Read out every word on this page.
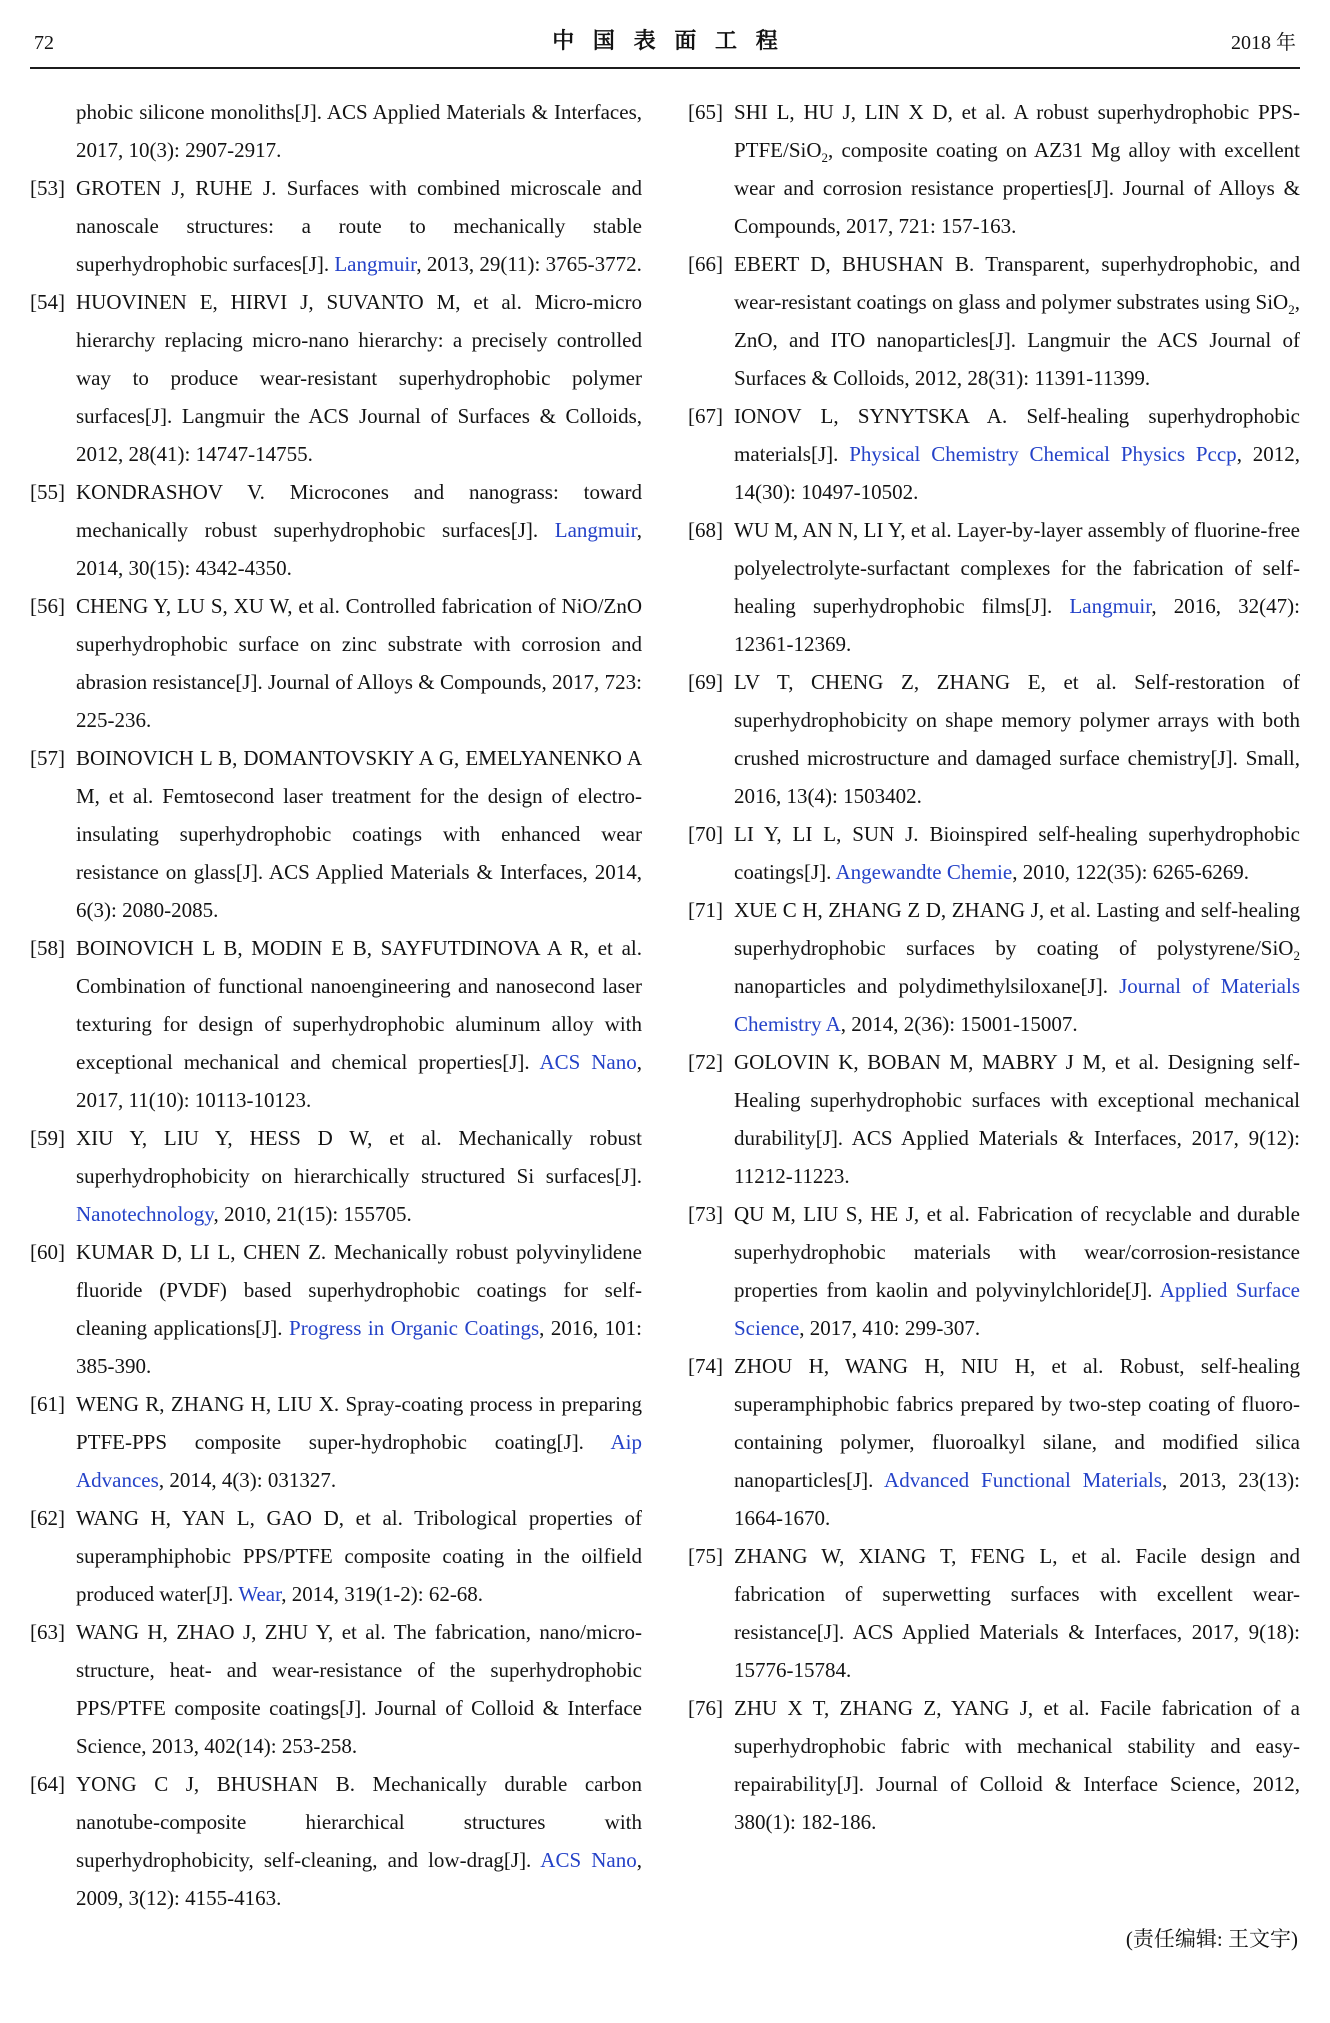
72	中国表面工程	2018 年
phobic silicone monoliths[J]. ACS Applied Materials & Interfaces, 2017, 10(3): 2907-2917.
[53] GROTEN J, RUHE J. Surfaces with combined microscale and nanoscale structures: a route to mechanically stable superhydrophobic surfaces[J]. Langmuir, 2013, 29(11): 3765-3772.
[54] HUOVINEN E, HIRVI J, SUVANTO M, et al. Micro-micro hierarchy replacing micro-nano hierarchy: a precisely controlled way to produce wear-resistant superhydrophobic polymer surfaces[J]. Langmuir the ACS Journal of Surfaces & Colloids, 2012, 28(41): 14747-14755.
[55] KONDRASHOV V. Microcones and nanograss: toward mechanically robust superhydrophobic surfaces[J]. Langmuir, 2014, 30(15): 4342-4350.
[56] CHENG Y, LU S, XU W, et al. Controlled fabrication of NiO/ZnO superhydrophobic surface on zinc substrate with corrosion and abrasion resistance[J]. Journal of Alloys & Compounds, 2017, 723: 225-236.
[57] BOINOVICH L B, DOMANTOVSKIY A G, EMELYANENKO A M, et al. Femtosecond laser treatment for the design of electro-insulating superhydrophobic coatings with enhanced wear resistance on glass[J]. ACS Applied Materials & Interfaces, 2014, 6(3): 2080-2085.
[58] BOINOVICH L B, MODIN E B, SAYFUTDINOVA A R, et al. Combination of functional nanoengineering and nanosecond laser texturing for design of superhydrophobic aluminum alloy with exceptional mechanical and chemical properties[J]. ACS Nano, 2017, 11(10): 10113-10123.
[59] XIU Y, LIU Y, HESS D W, et al. Mechanically robust superhydrophobicity on hierarchically structured Si surfaces[J]. Nanotechnology, 2010, 21(15): 155705.
[60] KUMAR D, LI L, CHEN Z. Mechanically robust polyvinylidene fluoride (PVDF) based superhydrophobic coatings for self-cleaning applications[J]. Progress in Organic Coatings, 2016, 101: 385-390.
[61] WENG R, ZHANG H, LIU X. Spray-coating process in preparing PTFE-PPS composite super-hydrophobic coating[J]. Aip Advances, 2014, 4(3): 031327.
[62] WANG H, YAN L, GAO D, et al. Tribological properties of superamphiphobic PPS/PTFE composite coating in the oilfield produced water[J]. Wear, 2014, 319(1-2): 62-68.
[63] WANG H, ZHAO J, ZHU Y, et al. The fabrication, nano/micro-structure, heat- and wear-resistance of the superhydrophobic PPS/PTFE composite coatings[J]. Journal of Colloid & Interface Science, 2013, 402(14): 253-258.
[64] YONG C J, BHUSHAN B. Mechanically durable carbon nanotube-composite hierarchical structures with superhydrophobicity, self-cleaning, and low-drag[J]. ACS Nano, 2009, 3(12): 4155-4163.
[65] SHI L, HU J, LIN X D, et al. A robust superhydrophobic PPS-PTFE/SiO$_2$, composite coating on AZ31 Mg alloy with excellent wear and corrosion resistance properties[J]. Journal of Alloys & Compounds, 2017, 721: 157-163.
[66] EBERT D, BHUSHAN B. Transparent, superhydrophobic, and wear-resistant coatings on glass and polymer substrates using SiO$_2$, ZnO, and ITO nanoparticles[J]. Langmuir the ACS Journal of Surfaces & Colloids, 2012, 28(31): 11391-11399.
[67] IONOV L, SYNYTSKA A. Self-healing superhydrophobic materials[J]. Physical Chemistry Chemical Physics Pccp, 2012, 14(30): 10497-10502.
[68] WU M, AN N, LI Y, et al. Layer-by-layer assembly of fluorine-free polyelectrolyte-surfactant complexes for the fabrication of self-healing superhydrophobic films[J]. Langmuir, 2016, 32(47): 12361-12369.
[69] LV T, CHENG Z, ZHANG E, et al. Self-restoration of superhydrophobicity on shape memory polymer arrays with both crushed microstructure and damaged surface chemistry[J]. Small, 2016, 13(4): 1503402.
[70] LI Y, LI L, SUN J. Bioinspired self-healing superhydrophobic coatings[J]. Angewandte Chemie, 2010, 122(35): 6265-6269.
[71] XUE C H, ZHANG Z D, ZHANG J, et al. Lasting and self-healing superhydrophobic surfaces by coating of polystyrene/SiO$_2$ nanoparticles and polydimethylsiloxane[J]. Journal of Materials Chemistry A, 2014, 2(36): 15001-15007.
[72] GOLOVIN K, BOBAN M, MABRY J M, et al. Designing self-Healing superhydrophobic surfaces with exceptional mechanical durability[J]. ACS Applied Materials & Interfaces, 2017, 9(12): 11212-11223.
[73] QU M, LIU S, HE J, et al. Fabrication of recyclable and durable superhydrophobic materials with wear/corrosion-resistance properties from kaolin and polyvinylchloride[J]. Applied Surface Science, 2017, 410: 299-307.
[74] ZHOU H, WANG H, NIU H, et al. Robust, self-healing superamphiphobic fabrics prepared by two-step coating of fluoro-containing polymer, fluoroalkyl silane, and modified silica nanoparticles[J]. Advanced Functional Materials, 2013, 23(13): 1664-1670.
[75] ZHANG W, XIANG T, FENG L, et al. Facile design and fabrication of superwetting surfaces with excellent wear-resistance[J]. ACS Applied Materials & Interfaces, 2017, 9(18): 15776-15784.
[76] ZHU X T, ZHANG Z, YANG J, et al. Facile fabrication of a superhydrophobic fabric with mechanical stability and easy-repairability[J]. Journal of Colloid & Interface Science, 2012, 380(1): 182-186.
(责任编辑: 王文宇)
